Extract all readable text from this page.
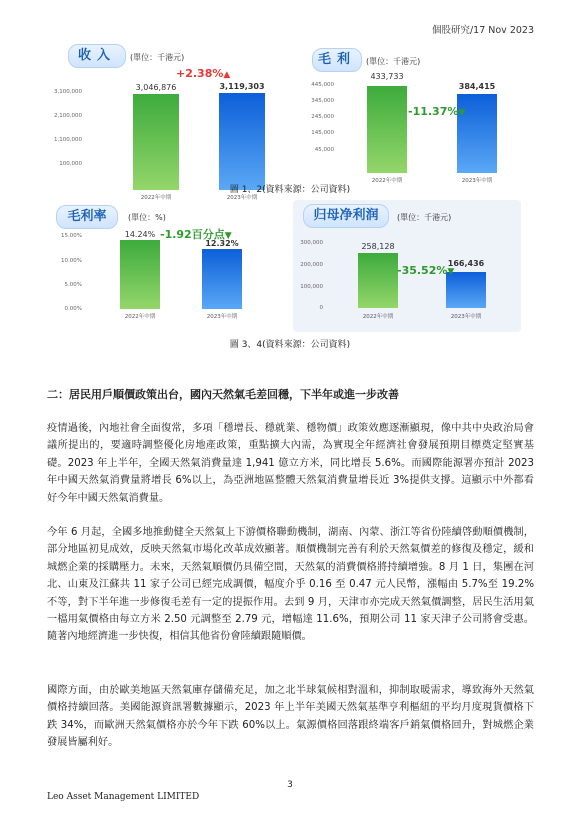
個股研究/17 Nov 2023
收入	(單位：千港元)
+2.38%▲
3,100,000
2,100,000
1,100,000
100,000
3,046,876	3,119,303
2022年中期	2023年中期
毛利	(單位：千港元)
445,000
345,000
245,000
145,000
45,000
433,733
384,415
-11.37%▼
2022年中期	2023年中期
圖 1、2(資料來源：公司資料)
毛利率	(單位：%)
15.00%
10.00%
5.00%
0.00%
14.24% -1.92百分点▼
12.32%
2022年中期	2023年中期
归母净利润	(單位：千港元)
300,000
200,000
100,000
0
258,128
166,436
-35.52%▼
2022年中期	2023年中期
圖 3、4(資料來源：公司資料)
二：居民用戶順價政策出台，國內天然氣毛差回穩，下半年或進一步改善
疫情過後，內地社會全面復常，多項「穩增長、穩就業、穩物價」政策效應逐漸顯現，像中共中央政治局會議所提出的，要適時調整優化房地產政策，重點擴大內需，為實現全年經濟社會發展預期目標奠定堅實基礎。2023 年上半年，全國天然氣消費量達 1,941 億立方米，同比增長 5.6%。而國際能源署亦預計 2023 年中國天然氣消費量將增長 6%以上，為亞洲地區整體天然氣消費量增長近 3%提供支撐。這顯示中外都看好今年中國天然氣消費量。
今年 6 月起，全國多地推動健全天然氣上下游價格聯動機制，湖南、內蒙、浙江等省份陸續啓動順價機制，部分地區初見成效，反映天然氣市場化改革成效顯著。順價機制完善有利於天然氣價差的修復及穩定，緩和城燃企業的採購壓力。未來，天然氣順價仍具備空間，天然氣的消費價格將持續增強。8 月 1 日，集團在河北、山東及江蘇共 11 家子公司已經完成調價，幅度介乎 0.16 至 0.47 元人民幣，漲幅由 5.7%至 19.2%不等，對下半年進一步修復毛差有一定的提振作用。去到 9 月，天津市亦完成天然氣價調整，居民生活用氣一檔用氣價格由每立方米 2.50 元調整至 2.79 元，增幅達 11.6%，預期公司 11 家天津子公司將會受惠。隨著內地經濟進一步快復，相信其他省份會陸續跟隨順價。
國際方面，由於歐美地區天然氣庫存儲備充足，加之北半球氣候相對溫和，抑制取暖需求，導致海外天然氣價格持續回落。美國能源資訊署數據顯示，2023 年上半年美國天然氣基準亨利樞紐的平均月度現貨價格下跌 34%，而歐洲天然氣價格亦於今年下跌 60%以上。氣源價格回落跟終端客戶銷氣價格回升，對城燃企業發展皆屬利好。
3
Leo Asset Management LIMITED
